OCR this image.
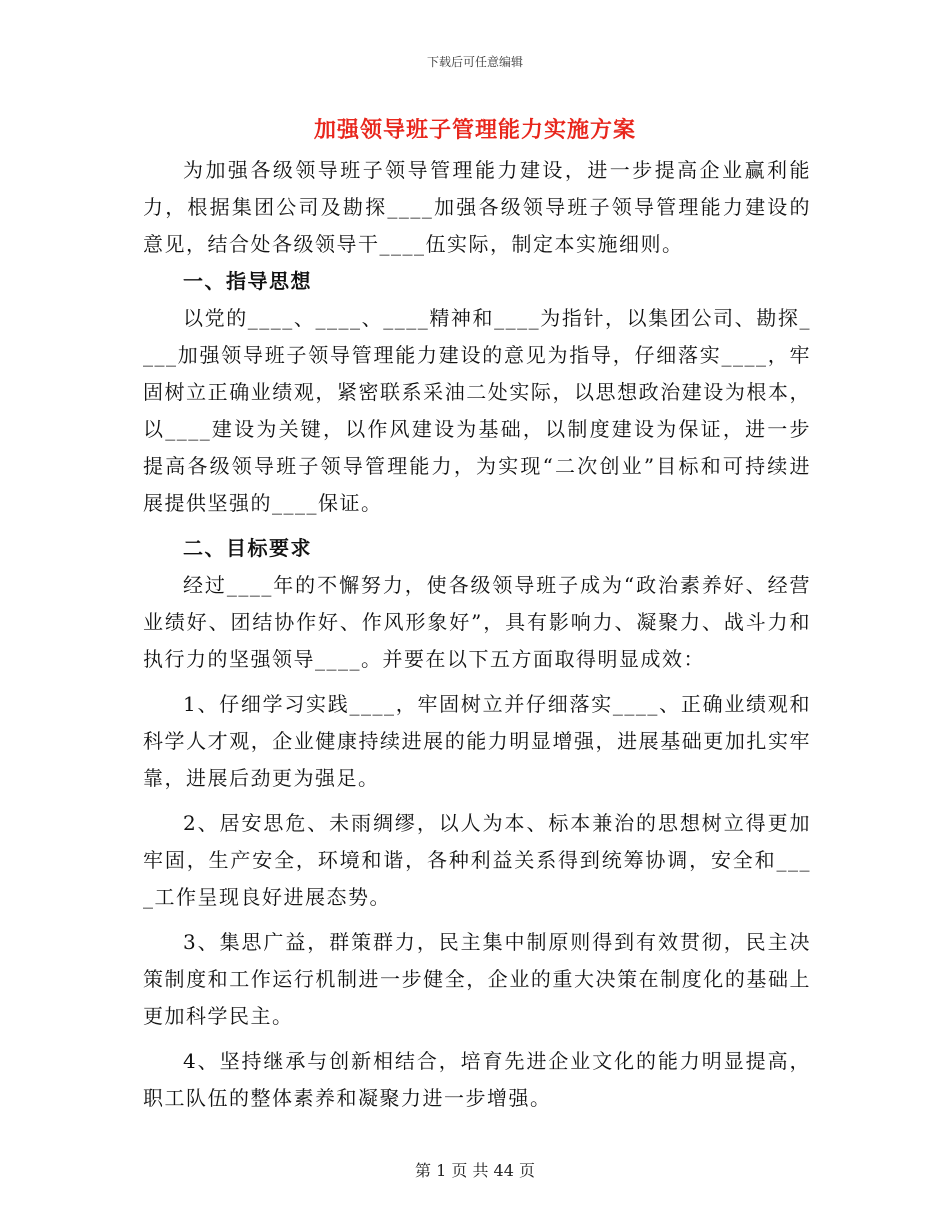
下载后可任意编辑
加强领导班子管理能力实施方案

为加强各级领导班子领导管理能力建设，进一步提高企业赢利能力，根据集团公司及勘探____加强各级领导班子领导管理能力建设的意见，结合处各级领导干____伍实际，制定本实施细则。

一、指导思想

以党的____、____、____精神和____为指针，以集团公司、勘探____加强领导班子领导管理能力建设的意见为指导，仔细落实____，牢固树立正确业绩观，紧密联系采油二处实际，以思想政治建设为根本，以____建设为关键，以作风建设为基础，以制度建设为保证，进一步提高各级领导班子领导管理能力，为实现“二次创业”目标和可持续进展提供坚强的____保证。

二、目标要求

经过____年的不懈努力，使各级领导班子成为“政治素养好、经营业绩好、团结协作好、作风形象好”，具有影响力、凝聚力、战斗力和执行力的坚强领导____。并要在以下五方面取得明显成效：

1、仔细学习实践____，牢固树立并仔细落实____、正确业绩观和科学人才观，企业健康持续进展的能力明显增强，进展基础更加扎实牢靠，进展后劲更为强足。

2、居安思危、未雨绸缪，以人为本、标本兼治的思想树立得更加牢固，生产安全，环境和谐，各种利益关系得到统筹协调，安全和____工作呈现良好进展态势。

3、集思广益，群策群力，民主集中制原则得到有效贯彻，民主决策制度和工作运行机制进一步健全，企业的重大决策在制度化的基础上更加科学民主。

4、坚持继承与创新相结合，培育先进企业文化的能力明显提高，职工队伍的整体素养和凝聚力进一步增强。

第 1 页 共 44 页
